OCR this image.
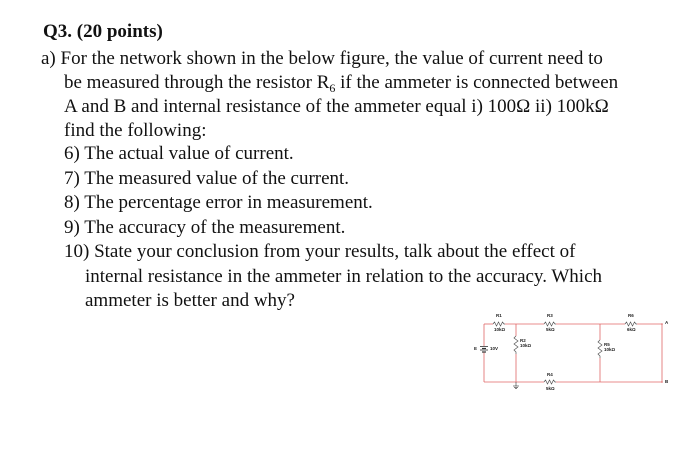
Q3. (20 points)
a) For the network shown in the below figure, the value of current need to
be measured through the resistor $R_6$ if the ammeter is connected between
A and B and internal resistance of the ammeter equal i) 100Ω ii) 100kΩ
find the following:
6) The actual value of current.
7) The measured value of the current.
8) The percentage error in measurement.
9) The accuracy of the measurement.
10) State your conclusion from your results, talk about the effect of
internal resistance in the ammeter in relation to the accuracy. Which
ammeter is better and why?
R1
10kΩ
R3
5kΩ
R6
6kΩ
R2
10kΩ	R5
10kΩ
R4
5kΩ
E	10V
A
B
